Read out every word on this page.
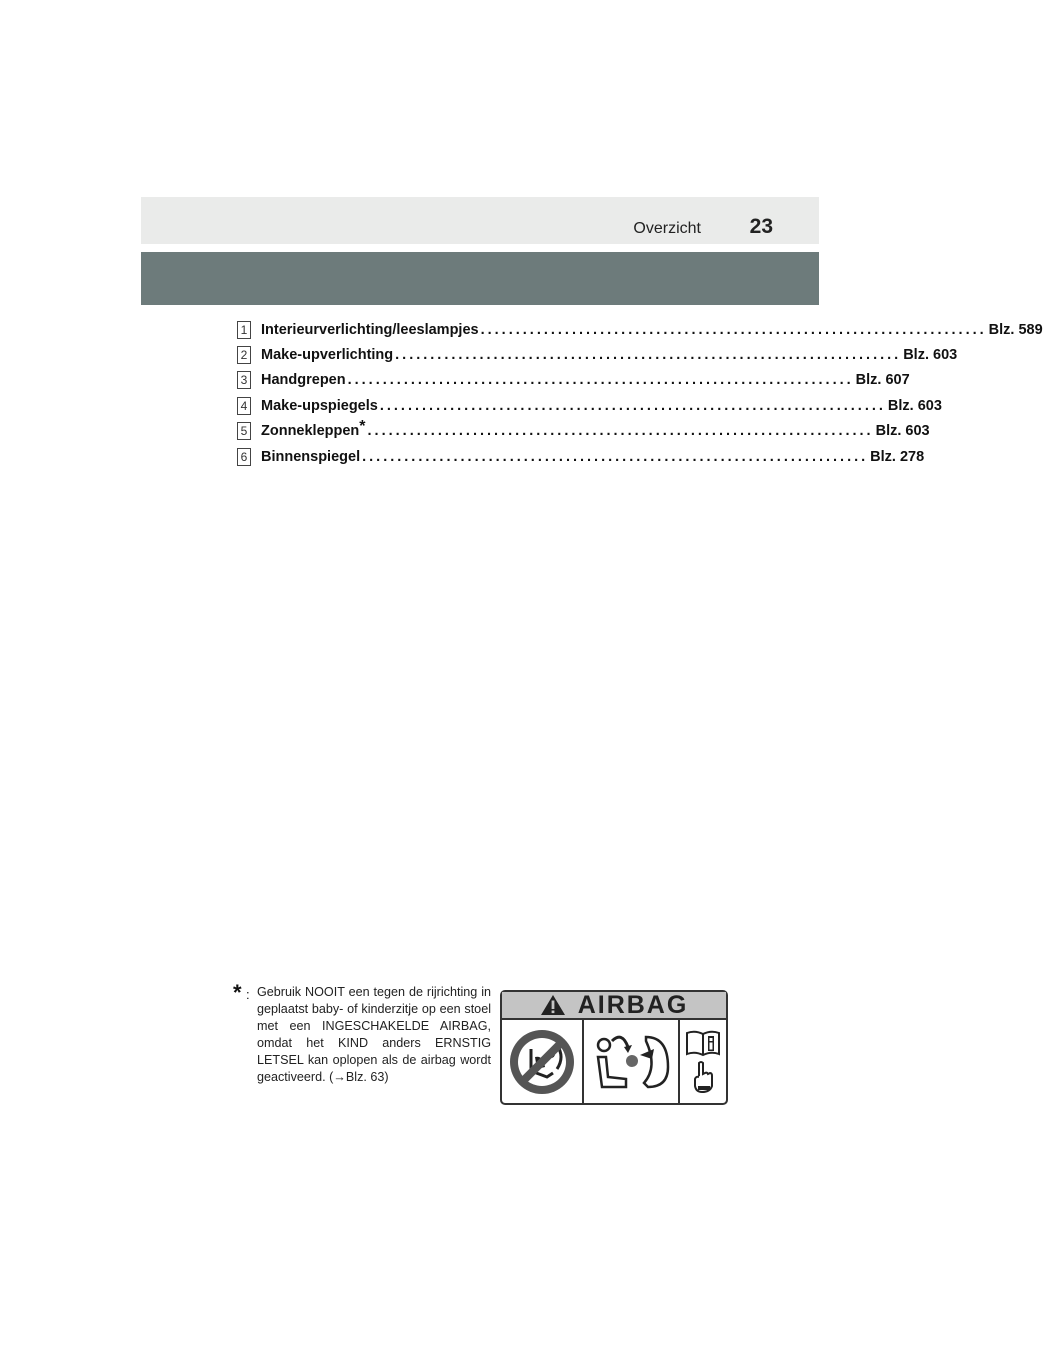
Overzicht 23
1 Interieurverlichting/leeslampjes ........................................................................ Blz. 589
2 Make-upverlichting ........................................................................ Blz. 603
3 Handgrepen ........................................................................ Blz. 607
4 Make-upspiegels ........................................................................ Blz. 603
5 Zonnekleppen* ........................................................................ Blz. 603
6 Binnenspiegel ........................................................................ Blz. 278
* : Gebruik NOOIT een tegen de rijrichting in geplaatst baby- of kinderzitje op een stoel met een INGESCHAKELDE AIRBAG, omdat het KIND anders ERNSTIG LETSEL kan oplopen als de airbag wordt geactiveerd. (→Blz. 63)

AIRBAG
